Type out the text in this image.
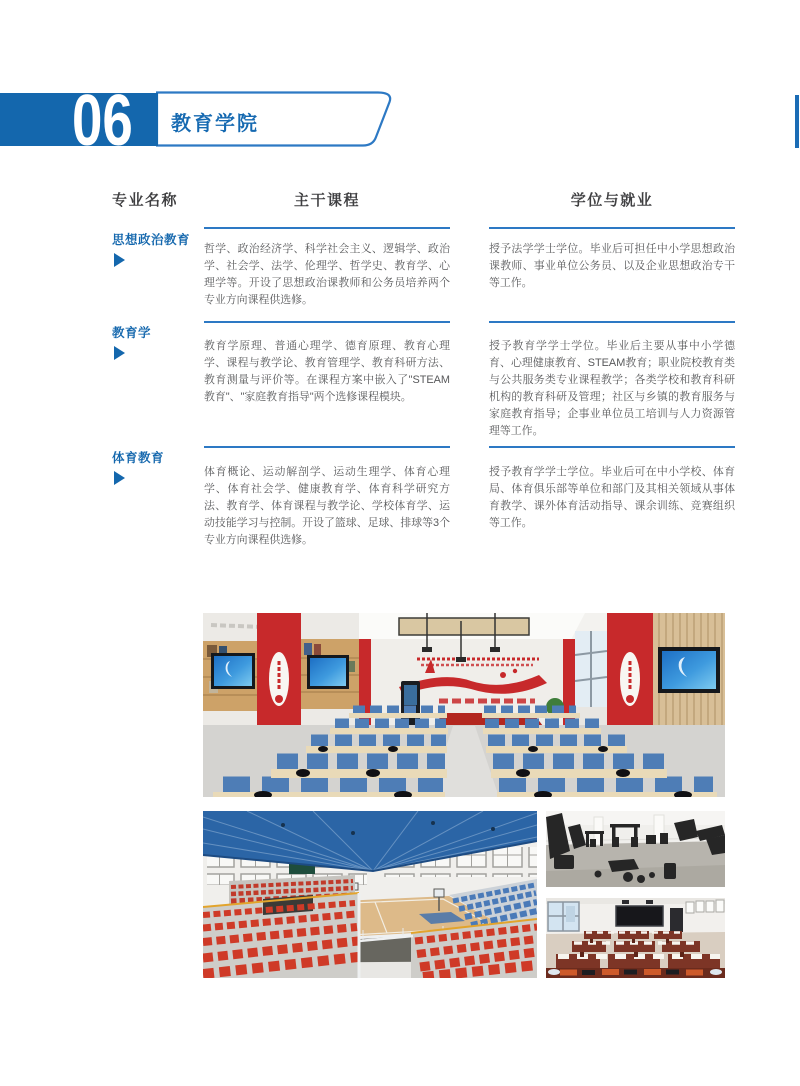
06 教育学院
专业名称	主干课程	学位与就业
思想政治教育
哲学、政治经济学、科学社会主义、逻辑学、政治学、社会学、法学、伦理学、哲学史、教育学、心理学等。开设了思想政治课教师和公务员培养两个专业方向课程供选修。
授予法学学士学位。毕业后可担任中小学思想政治课教师、事业单位公务员、以及企业思想政治专干等工作。
教育学
教育学原理、普通心理学、德育原理、教育心理学、课程与教学论、教育管理学、教育科研方法、教育测量与评价等。在课程方案中嵌入了"STEAM教育"、"家庭教育指导"两个选修课程模块。
授予教育学学士学位。毕业后主要从事中小学德育、心理健康教育、STEAM教育；职业院校教育类与公共服务类专业课程教学；各类学校和教育科研机构的教育科研及管理；社区与乡镇的教育服务与家庭教育指导；企事业单位员工培训与人力资源管理等工作。
体育教育
体育概论、运动解剖学、运动生理学、体育心理学、体育社会学、健康教育学、体育科学研究方法、教育学、体育课程与教学论、学校体育学、运动技能学习与控制。开设了篮球、足球、排球等3个专业方向课程供选修。
授予教育学学士学位。毕业后可在中小学校、体育局、体育俱乐部等单位和部门及其相关领域从事体育教学、课外体育活动指导、课余训练、竞赛组织等工作。
